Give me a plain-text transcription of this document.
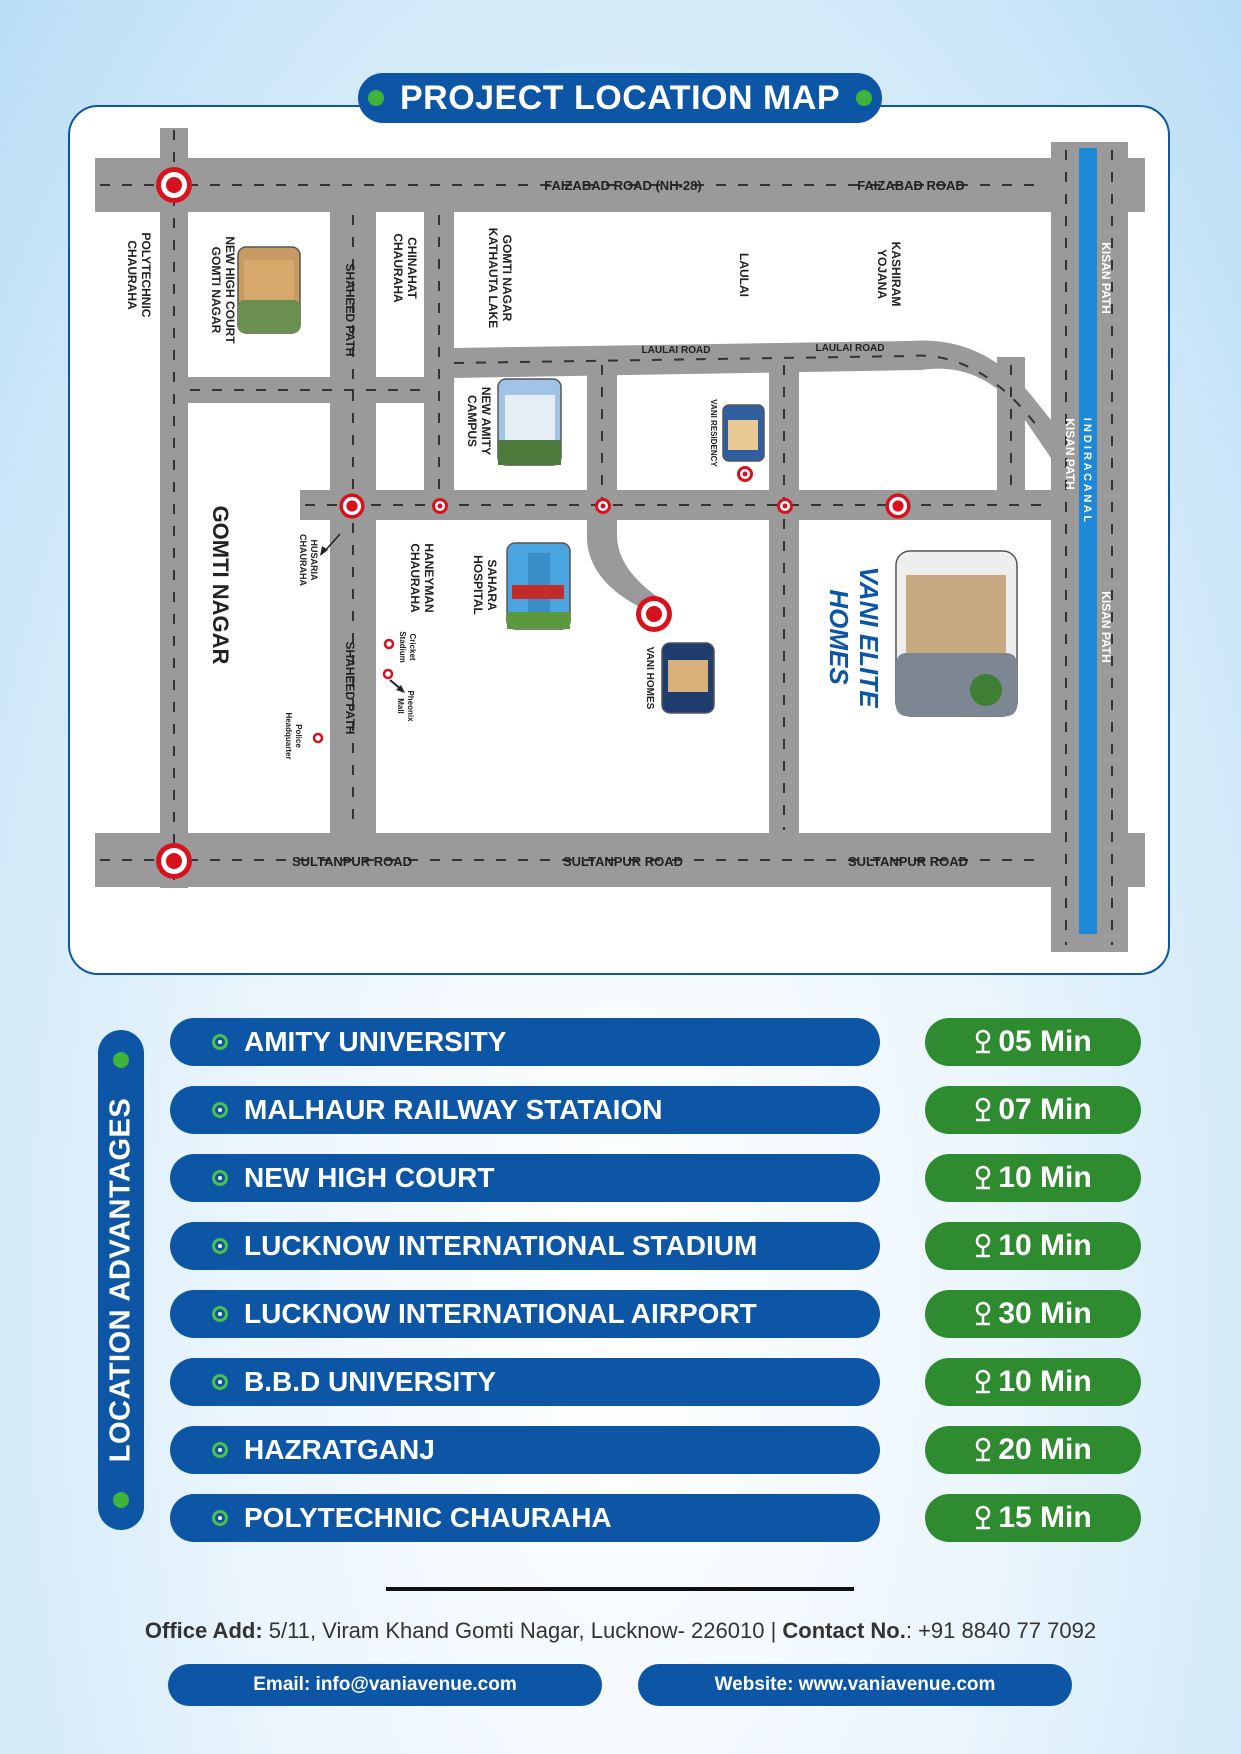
FAIZABAD ROAD (NH-28)	FAIZABAD ROAD
SULTANPUR ROAD	SULTANPUR ROAD	SULTANPUR ROAD
LAULAI ROAD	LAULAI ROAD
SHAHEED PATH
SHAHEED PATH
KISAN PATH
KISAN PATH
KISAN PATH
I N D I R A C A N A L
POLYTECHNICCHAURAHA	NEW HIGH COURTGOMTI NAGAR	CHINAHATCHAURAHA	GOMTI NAGARKATHAUTA LAKE	LAULAI	KASHIRAMYOJANA
NEW AMITYCAMPUS	VANI RESIDENCY
GOMTI NAGAR	HUSARIACHAURAHA	HANEYMANCHAURAHA	SAHARAHOSPITAL
CricketStadium
PheonixMall
PoliceHeadquarter
VANI HOMES	VANI ELITEHOMES
PROJECT LOCATION MAP
LOCATION ADVANTAGES
AMITY UNIVERSITY	05 Min
MALHAUR RAILWAY STATAION	07 Min
NEW HIGH COURT	10 Min
LUCKNOW INTERNATIONAL STADIUM	10 Min
LUCKNOW INTERNATIONAL AIRPORT	30 Min
B.B.D UNIVERSITY	10 Min
HAZRATGANJ	20 Min
POLYTECHNIC CHAURAHA	15 Min
Office Add: 5/11, Viram Khand Gomti Nagar, Lucknow- 226010 | Contact No.: +91 8840 77 7092
Email: info@vaniavenue.com	Website: www.vaniavenue.com
